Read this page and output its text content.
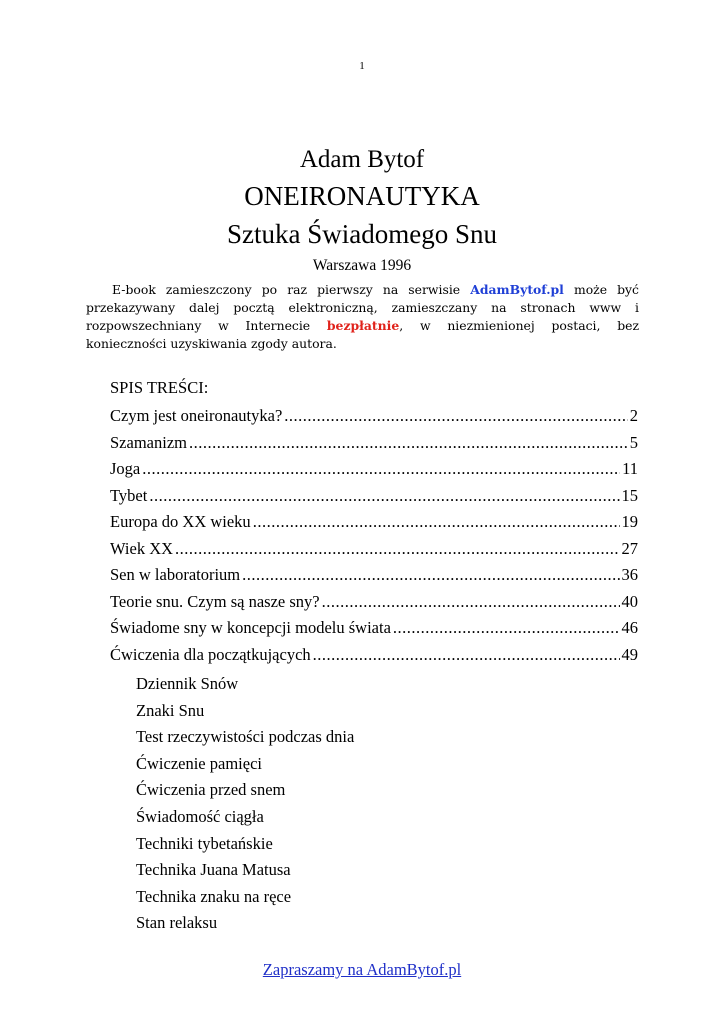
1
Adam Bytof
ONEIRONAUTYKA
Sztuka Świadomego Snu
Warszawa 1996
E-book zamieszczony po raz pierwszy na serwisie AdamBytof.pl może być
przekazywany dalej pocztą elektroniczną, zamieszczany na stronach www i
rozpowszechniany w Internecie bezpłatnie, w niezmienionej postaci, bez
konieczności uzyskiwania zgody autora.
SPIS TREŚCI:
Czym jest oneironautyka? .....	2
Szamanizm .....	5
Joga .....	11
Tybet .....	15
Europa do XX wieku .....	19
Wiek XX .....	27
Sen w laboratorium .....	36
Teorie snu. Czym są nasze sny? .....	40
Świadome sny w koncepcji modelu świata .....	46
Ćwiczenia dla początkujących .....	49
Dziennik Snów
Znaki Snu
Test rzeczywistości podczas dnia
Ćwiczenie pamięci
Ćwiczenia przed snem
Świadomość ciągła
Techniki tybetańskie
Technika Juana Matusa
Technika znaku na ręce
Stan relaksu
Zapraszamy na AdamBytof.pl
